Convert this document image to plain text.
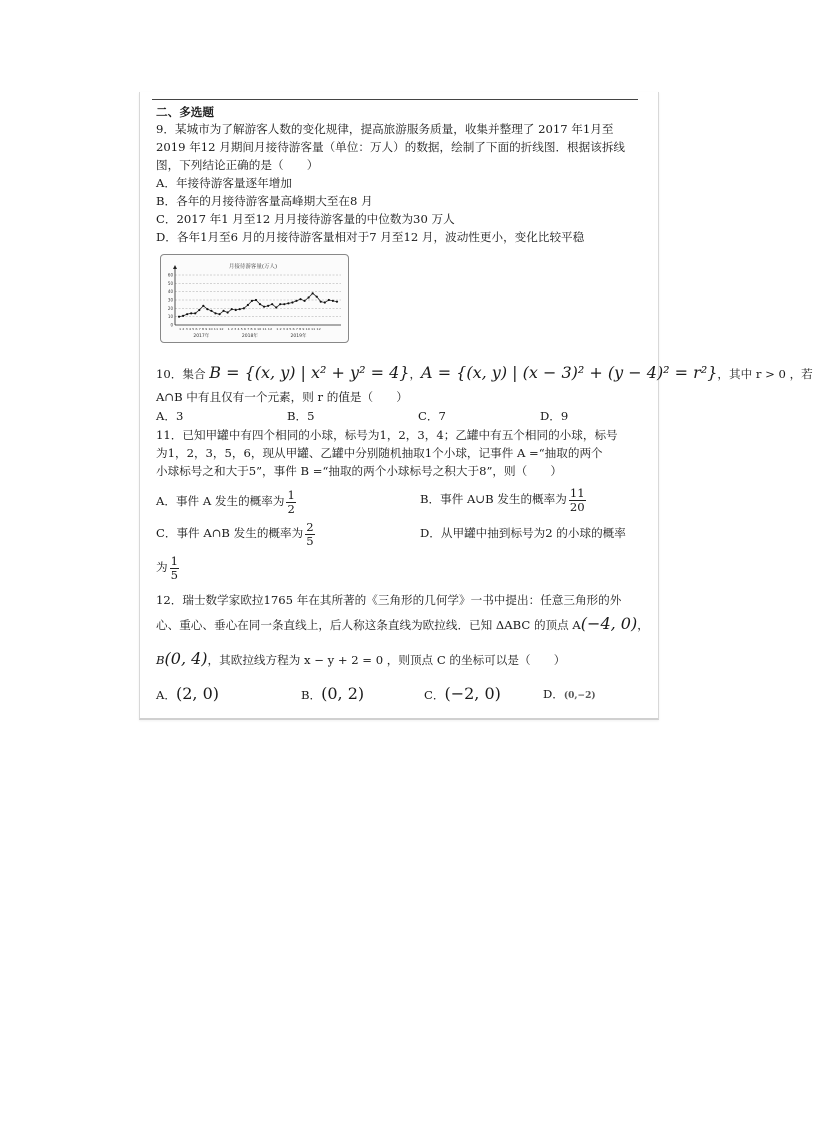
二、多选题
9．某城市为了解游客人数的变化规律，提高旅游服务质量，收集并整理了 2017 年1月至
2019 年12 月期间月接待游客量（单位：万人）的数据，绘制了下面的折线图．根据该拆线
图，下列结论正确的是（　　）
A．年接待游客量逐年增加
B．各年的月接待游客量高峰期大至在8 月
C．2017 年1 月至12 月月接待游客量的中位数为30 万人
D．各年1月至6 月的月接待游客量相对于7 月至12 月，波动性更小，变化比较平稳
月接待游客量(万人)
0
10
20
30
40
50
60
1 2 3 4 5 6 7 8 9 10 11 12
2017年
1 2 3 4 5 6 7 8 9 10 11 12
2018年
1 2 3 4 5 6 7 8 9 10 11 12
2019年
10．集合 B = {(x, y) | x² + y² = 4}，A = {(x, y) | (x − 3)² + (y − 4)² = r²}，其中 r > 0 ，若
A∩B 中有且仅有一个元素，则 r 的值是（　　）
A．3	B．5	C．7	D．9
11．已知甲罐中有四个相同的小球，标号为1，2，3，4；乙罐中有五个相同的小球，标号
为1，2，3，5，6，现从甲罐、乙罐中分别随机抽取1个小球，记事件 A =“抽取的两个
小球标号之和大于5”，事件 B =“抽取的两个小球标号之积大于8”，则（　　）
A．事件 A 发生的概率为 $\frac{1}{2}$	B．事件 A∪B 发生的概率为 $\frac{11}{20}$
C．事件 A∩B 发生的概率为 $\frac{2}{5}$	D．从甲罐中抽到标号为2 的小球的概率
为 $\frac{1}{5}$
12．瑞士数学家欧拉1765 年在其所著的《三角形的几何学》一书中提出：任意三角形的外
心、重心、垂心在同一条直线上，后人称这条直线为欧拉线．已知 ΔABC 的顶点 A(−4, 0)，
B(0, 4)，其欧拉线方程为 x − y + 2 = 0 ，则顶点 C 的坐标可以是（　　）
A．(2, 0)	B．(0, 2)	C．(−2, 0)	D．(0,−2)
